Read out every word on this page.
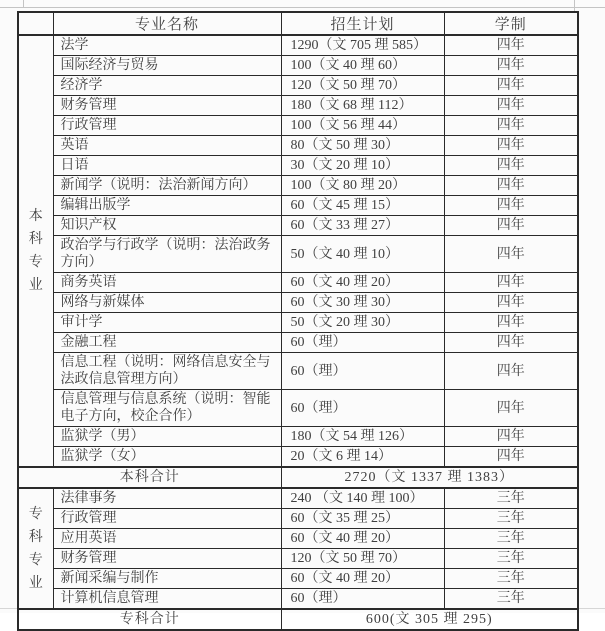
	专业名称	招生计划	学制
本科专业	法学	1290（文 705 理 585）	四年
	国际经济与贸易	100（文 40 理 60）	四年
	经济学	120（文 50 理 70）	四年
	财务管理	180（文 68 理 112）	四年
	行政管理	100（文 56 理 44）	四年
	英语	80（文 50 理 30）	四年
	日语	30（文 20 理 10）	四年
	新闻学（说明：法治新闻方向）	100（文 80 理 20）	四年
	编辑出版学	60（文 45 理 15）	四年
	知识产权	60（文 33 理 27）	四年
	政治学与行政学（说明：法治政务方向）	50（文 40 理 10）	四年
	商务英语	60（文 40 理 20）	四年
	网络与新媒体	60（文 30 理 30）	四年
	审计学	50（文 20 理 30）	四年
	金融工程	60（理）	四年
	信息工程（说明：网络信息安全与法政信息管理方向）	60（理）	四年
	信息管理与信息系统（说明：智能电子方向，校企合作）	60（理）	四年
	监狱学（男）	180（文 54 理 126）	四年
	监狱学（女）	20（文 6 理 14）	四年
本科合计		2720（文 1337 理 1383）	
专科专业	法律事务	240 （文 140 理 100）	三年
	行政管理	60（文 35 理 25）	三年
	应用英语	60（文 40 理 20）	三年
	财务管理	120（文 50 理 70）	三年
	新闻采编与制作	60（文 40 理 20）	三年
	计算机信息管理	60（理）	三年
专科合计		600(文 305 理 295)	
